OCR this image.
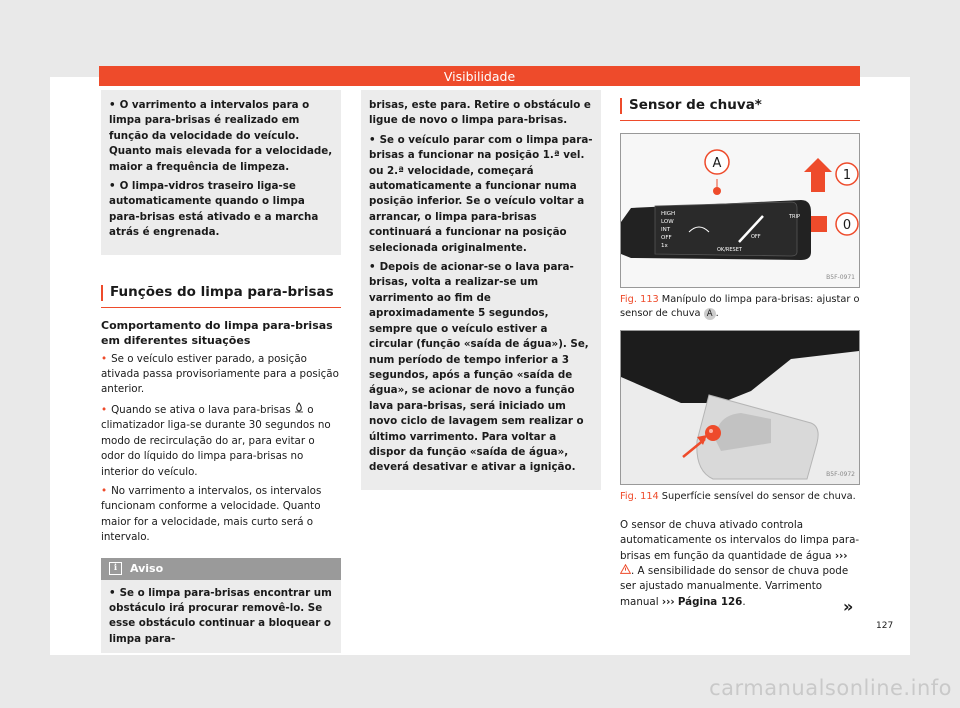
Visibilidade

• O varrimento a intervalos para o limpa para-brisas é realizado em função da velocidade do veículo. Quanto mais elevada for a velocidade, maior a frequência de limpeza.

• O limpa-vidros traseiro liga-se automaticamente quando o limpa para-brisas está ativado e a marcha atrás é engrenada.

Funções do limpa para-brisas

Comportamento do limpa para-brisas em diferentes situações

• Se o veículo estiver parado, a posição ativada passa provisoriamente para a posição anterior.

• Quando se ativa o lava para-brisas  o climatizador liga-se durante 30 segundos no modo de recirculação do ar, para evitar o odor do líquido do limpa para-brisas no interior do veículo.

• No varrimento a intervalos, os intervalos funcionam conforme a velocidade. Quanto maior for a velocidade, mais curto será o intervalo.

i	Aviso

• Se o limpa para-brisas encontrar um obstáculo irá procurar removê-lo. Se esse obstáculo continuar a bloquear o limpa para-

brisas, este para. Retire o obstáculo e ligue de novo o limpa para-brisas.

• Se o veículo parar com o limpa para-brisas a funcionar na posição 1.ª vel. ou 2.ª velocidade, começará automaticamente a funcionar numa posição inferior. Se o veículo voltar a arrancar, o limpa para-brisas continuará a funcionar na posição selecionada originalmente.

• Depois de acionar-se o lava para-brisas, volta a realizar-se um varrimento ao fim de aproximadamente 5 segundos, sempre que o veículo estiver a circular (função «saída de água»). Se, num período de tempo inferior a 3 segundos, após a função «saída de água», se acionar de novo a função lava para-brisas, será iniciado um novo ciclo de lavagem sem realizar o último varrimento. Para voltar a dispor da função «saída de água», deverá desativar e ativar a ignição.

Sensor de chuva*
A
HIGH
LOW
INT
OFF
1x
OFF
OK/RESET
TRIP
1
0
B5F-0971

Fig. 113 Manípulo do limpa para-brisas: ajustar o sensor de chuva A .

B5F-0972

Fig. 114 Superfície sensível do sensor de chuva.

O sensor de chuva ativado controla automaticamente os intervalos do limpa para-brisas em função da quantidade de água ››› . A sensibilidade do sensor de chuva pode ser ajustado manualmente. Varrimento manual ››› Página 126.	»
127
carmanualsonline.info
